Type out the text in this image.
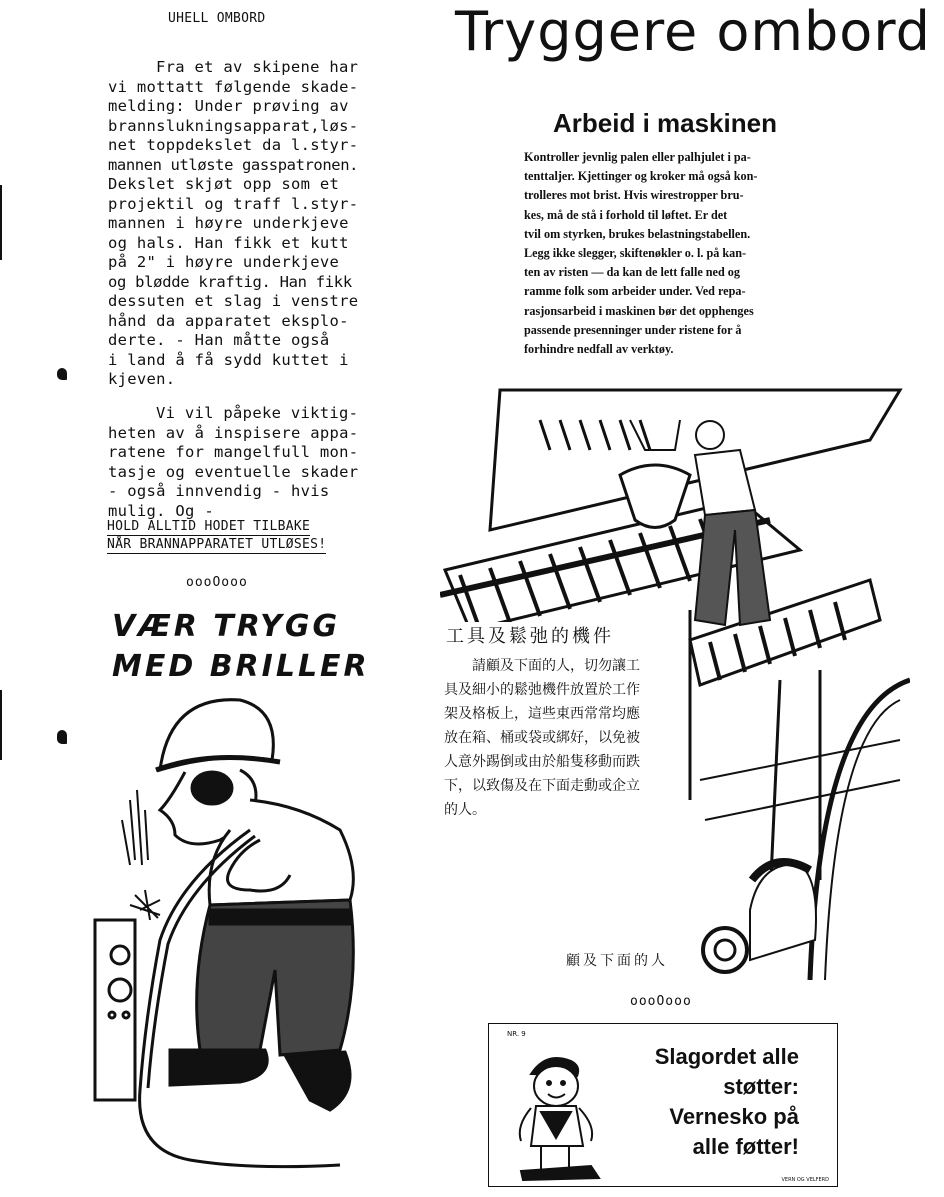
UHELL OMBORD
Fra et av skipene har
vi mottatt følgende skade-
melding: Under prøving av
brannslukningsapparat,løs-
net toppdekslet da l.styr-
mannen utløste gasspatronen.
Dekslet skjøt opp som et
projektil og traff l.styr-
mannen i høyre underkjeve
og hals. Han fikk et kutt
på 2" i høyre underkjeve
og blødde kraftig. Han fikk
dessuten et slag i venstre
hånd da apparatet eksplo-
derte. - Han måtte også
i land å få sydd kuttet i
kjeven.
Vi vil påpeke viktig-
heten av å inspisere appa-
ratene for mangelfull mon-
tasje og eventuelle skader
- også innvendig - hvis
mulig. Og -
HOLD ALLTID HODET TILBAKE
NÅR BRANNAPPARATET UTLØSES!
oooOooo
VÆR TRYGG
MED BRILLER
Tryggere ombord
Arbeid i maskinen
Kontroller jevnlig palen eller palhjulet i pa-
tenttaljer. Kjettinger og kroker må også kon-
trolleres mot brist. Hvis wirestropper bru-
kes, må de stå i forhold til løftet. Er det
tvil om styrken, brukes belastningstabellen.
Legg ikke slegger, skiftenøkler o. l. på kan-
ten av risten — da kan de lett falle ned og
ramme folk som arbeider under. Ved repa-
rasjonsarbeid i maskinen bør det opphenges
passende presenninger under ristene for å
forhindre nedfall av verktøy.
工具及鬆弛的機件
請顧及下面的人，切勿讓工
具及細小的鬆弛機件放置於工作
架及格板上，這些東西常常均應
放在箱、桶或袋或綁好，以免被
人意外踢倒或由於船隻移動而跌
下，以致傷及在下面走動或企立
的人。
顧及下面的人
oooOooo
NR. 9
Slagordet alle
støtter:
Vernesko på
alle føtter!
VERN OG VELFERD
